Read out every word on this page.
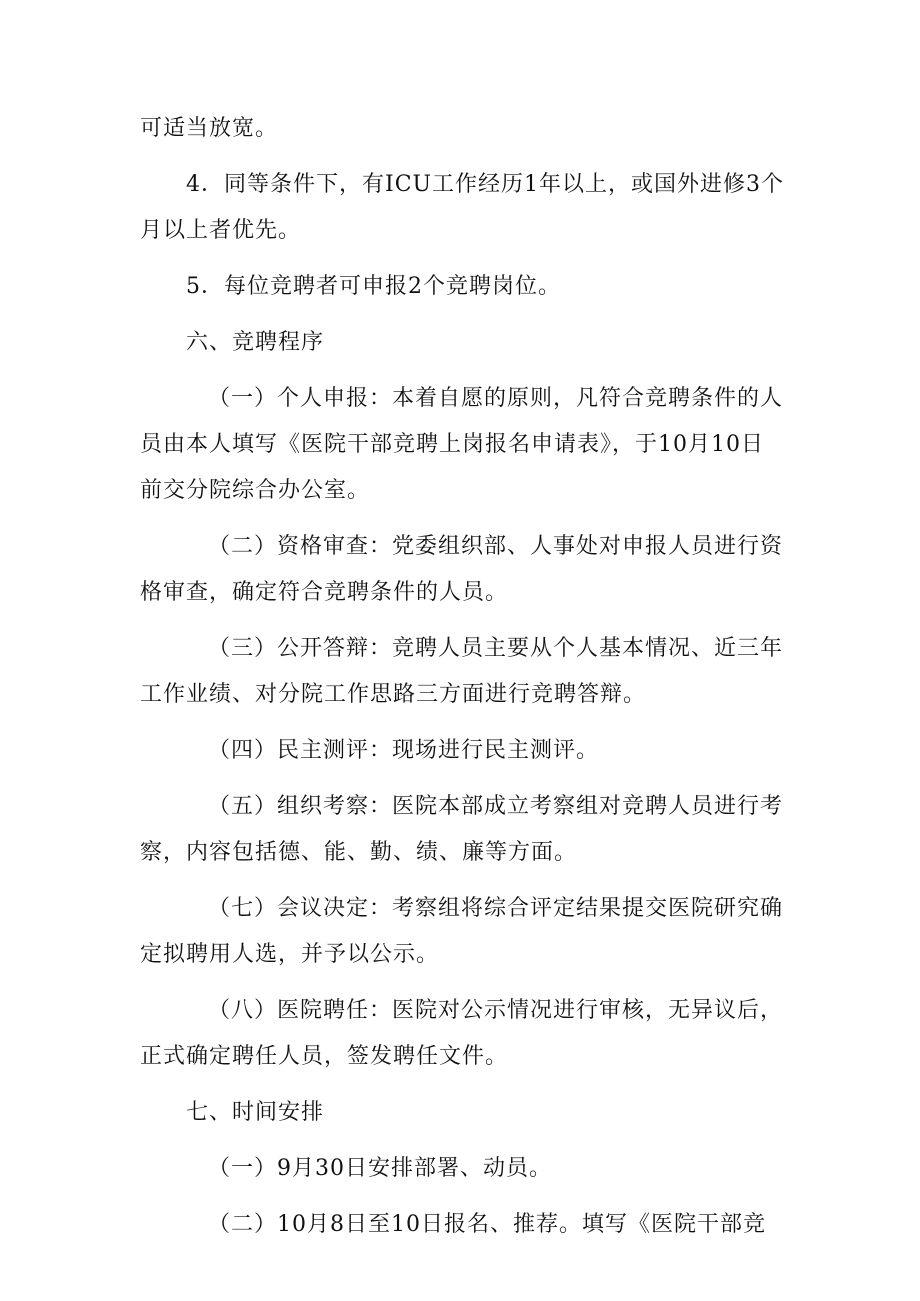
可适当放宽。

4．同等条件下，有ICU工作经历1年以上，或国外进修3个月以上者优先。

5．每位竞聘者可申报2个竞聘岗位。

六、竞聘程序

（一）个人申报：本着自愿的原则，凡符合竞聘条件的人员由本人填写《医院干部竞聘上岗报名申请表》，于10月10日前交分院综合办公室。

（二）资格审查：党委组织部、人事处对申报人员进行资格审查，确定符合竞聘条件的人员。

（三）公开答辩：竞聘人员主要从个人基本情况、近三年工作业绩、对分院工作思路三方面进行竞聘答辩。

（四）民主测评：现场进行民主测评。

（五）组织考察：医院本部成立考察组对竞聘人员进行考察，内容包括德、能、勤、绩、廉等方面。

（七）会议决定：考察组将综合评定结果提交医院研究确定拟聘用人选，并予以公示。

（八）医院聘任：医院对公示情况进行审核，无异议后，正式确定聘任人员，签发聘任文件。

七、时间安排

（一）9月30日安排部署、动员。

（二）10月8日至10日报名、推荐。填写《医院干部竞
